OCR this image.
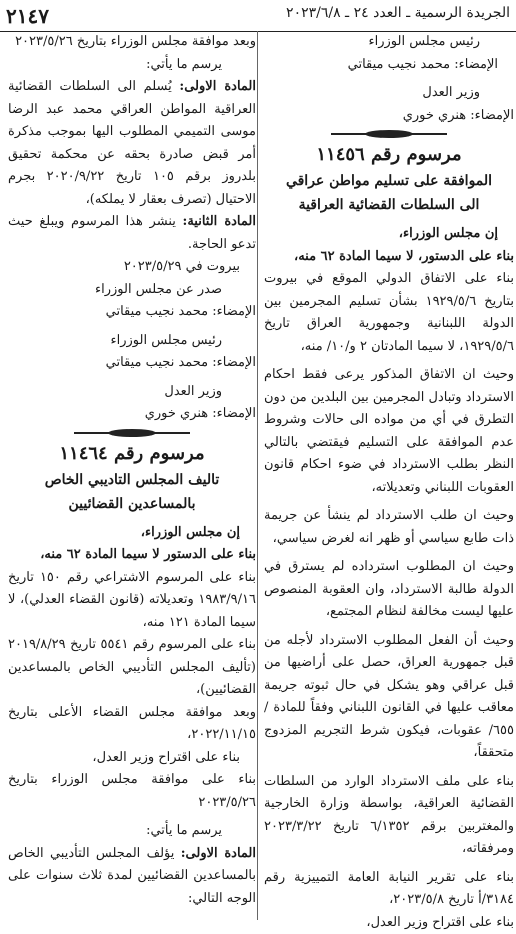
الجريدة الرسمية ـ العدد ٢٤ ـ ٢٠٢٣/٦/٨
٢١٤٧

رئيس مجلس الوزراء

الإمضاء: محمد نجيب ميقاتي

وزير العدل

الإمضاء: هنري خوري

مرسوم رقم ١١٤٥٦

الموافقة على تسليم مواطن عراقي

الى السلطات القضائية العراقية

إن مجلس الوزراء،

بناء على الدستور، لا سيما المادة ٦٢ منه،

بناء على الاتفاق الدولي الموقع في بيروت بتاريخ ١٩٢٩/٥/٦ بشأن تسليم المجرمين بين الدولة اللبنانية وجمهورية العراق تاريخ ١٩٢٩/٥/٦، لا سيما المادتان ٢ و/١٠/ منه،

وحيث ان الاتفاق المذكور يرعى فقط احكام الاسترداد وتبادل المجرمين بين البلدين من دون التطرق في أي من مواده الى حالات وشروط عدم الموافقة على التسليم فيقتضي بالتالي النظر بطلب الاسترداد في ضوء احكام قانون العقوبات اللبناني وتعديلاته،

وحيث ان طلب الاسترداد لم ينشأ عن جريمة ذات طابع سياسي أو ظهر انه لغرض سياسي،

وحيث ان المطلوب استرداده لم يسترق في الدولة طالبة الاسترداد، وان العقوبة المنصوص عليها ليست مخالفة لنظام المجتمع،

وحيث أن الفعل المطلوب الاسترداد لأجله من قبل جمهورية العراق، حصل على أراضيها من قبل عراقي وهو يشكل في حال ثبوته جريمة معاقب عليها في القانون اللبناني وفقاً للمادة /٦٥٥/ عقوبات، فيكون شرط التجريم المزدوج متحققاً،

بناء على ملف الاسترداد الوارد من السلطات القضائية العراقية، بواسطة وزارة الخارجية والمغتربين برقم ٦/١٣٥٢ تاريخ ٢٠٢٣/٣/٢٢ ومرفقاته،

بناء على تقرير النيابة العامة التمييزية رقم ٣١٨٤/أ تاريخ ٢٠٢٣/٥/٨،

بناء على اقتراح وزير العدل،

وبعد موافقة مجلس الوزراء بتاريخ ٢٠٢٣/٥/٢٦

يرسم ما يأتي:

المادة الاولى: يُسلم الى السلطات القضائية العراقية المواطن العراقي محمد عبد الرضا موسى التميمي المطلوب اليها بموجب مذكرة أمر قبض صادرة بحقه عن محكمة تحقيق بلدروز برقم ١٠٥ تاريخ ٢٠٢٠/٩/٢٢ بجرم الاحتيال (تصرف بعقار لا يملكه)،

المادة الثانية: ينشر هذا المرسوم ويبلغ حيث تدعو الحاجة.

بيروت في ٢٠٢٣/٥/٢٩

صدر عن مجلس الوزراء

الإمضاء: محمد نجيب ميقاتي

رئيس مجلس الوزراء

الإمضاء: محمد نجيب ميقاتي

وزير العدل

الإمضاء: هنري خوري

مرسوم رقم ١١٤٦٤

تاليف المجلس التاديبي الخاص

بالمساعدين القضائيين

إن مجلس الوزراء،

بناء على الدستور لا سيما المادة ٦٢ منه،

بناء على المرسوم الاشتراعي رقم ١٥٠ تاريخ ١٩٨٣/٩/١٦ وتعديلاته (قانون القضاء العدلي)، لا سيما المادة ١٢١ منه،

بناء على المرسوم رقم ٥٥٤١ تاريخ ٢٠١٩/٨/٢٩ (تأليف المجلس التأديبي الخاص بالمساعدين القضائيين)،

وبعد موافقة مجلس القضاء الأعلى بتاريخ ٢٠٢٢/١١/١٥،

بناء على اقتراح وزير العدل،

بناء على موافقة مجلس الوزراء بتاريخ ٢٠٢٣/٥/٢٦

يرسم ما يأتي:

المادة الاولى: يؤلف المجلس التأديبي الخاص بالمساعدين القضائيين لمدة ثلاث سنوات على الوجه التالي:
